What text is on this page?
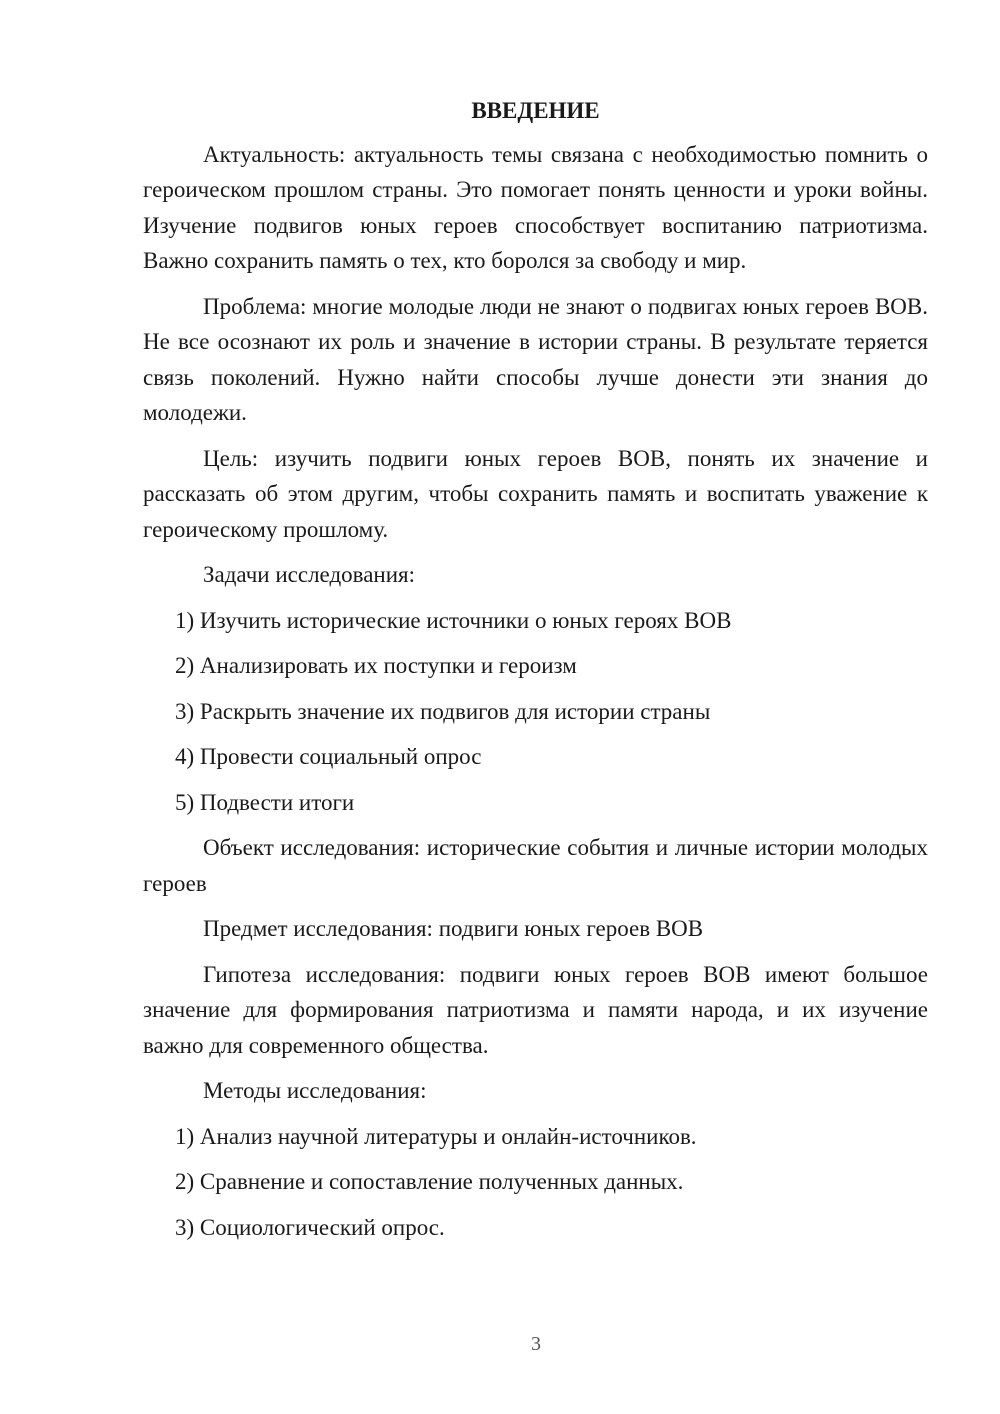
ВВЕДЕНИЕ

Актуальность: актуальность темы связана с необходимостью помнить о героическом прошлом страны. Это помогает понять ценности и уроки войны. Изучение подвигов юных героев способствует воспитанию патриотизма. Важно сохранить память о тех, кто боролся за свободу и мир.

Проблема: многие молодые люди не знают о подвигах юных героев ВОВ. Не все осознают их роль и значение в истории страны. В результате теряется связь поколений. Нужно найти способы лучше донести эти знания до молодежи.

Цель: изучить подвиги юных героев ВОВ, понять их значение и рассказать об этом другим, чтобы сохранить память и воспитать уважение к героическому прошлому.

Задачи исследования:

1) Изучить исторические источники о юных героях ВОВ
2) Анализировать их поступки и героизм
3) Раскрыть значение их подвигов для истории страны
4) Провести социальный опрос
5) Подвести итоги

Объект исследования: исторические события и личные истории молодых героев

Предмет исследования: подвиги юных героев ВОВ

Гипотеза исследования: подвиги юных героев ВОВ имеют большое значение для формирования патриотизма и памяти народа, и их изучение важно для современного общества.

Методы исследования:

1) Анализ научной литературы и онлайн-источников.
2) Сравнение и сопоставление полученных данных.
3) Социологический опрос.
3
